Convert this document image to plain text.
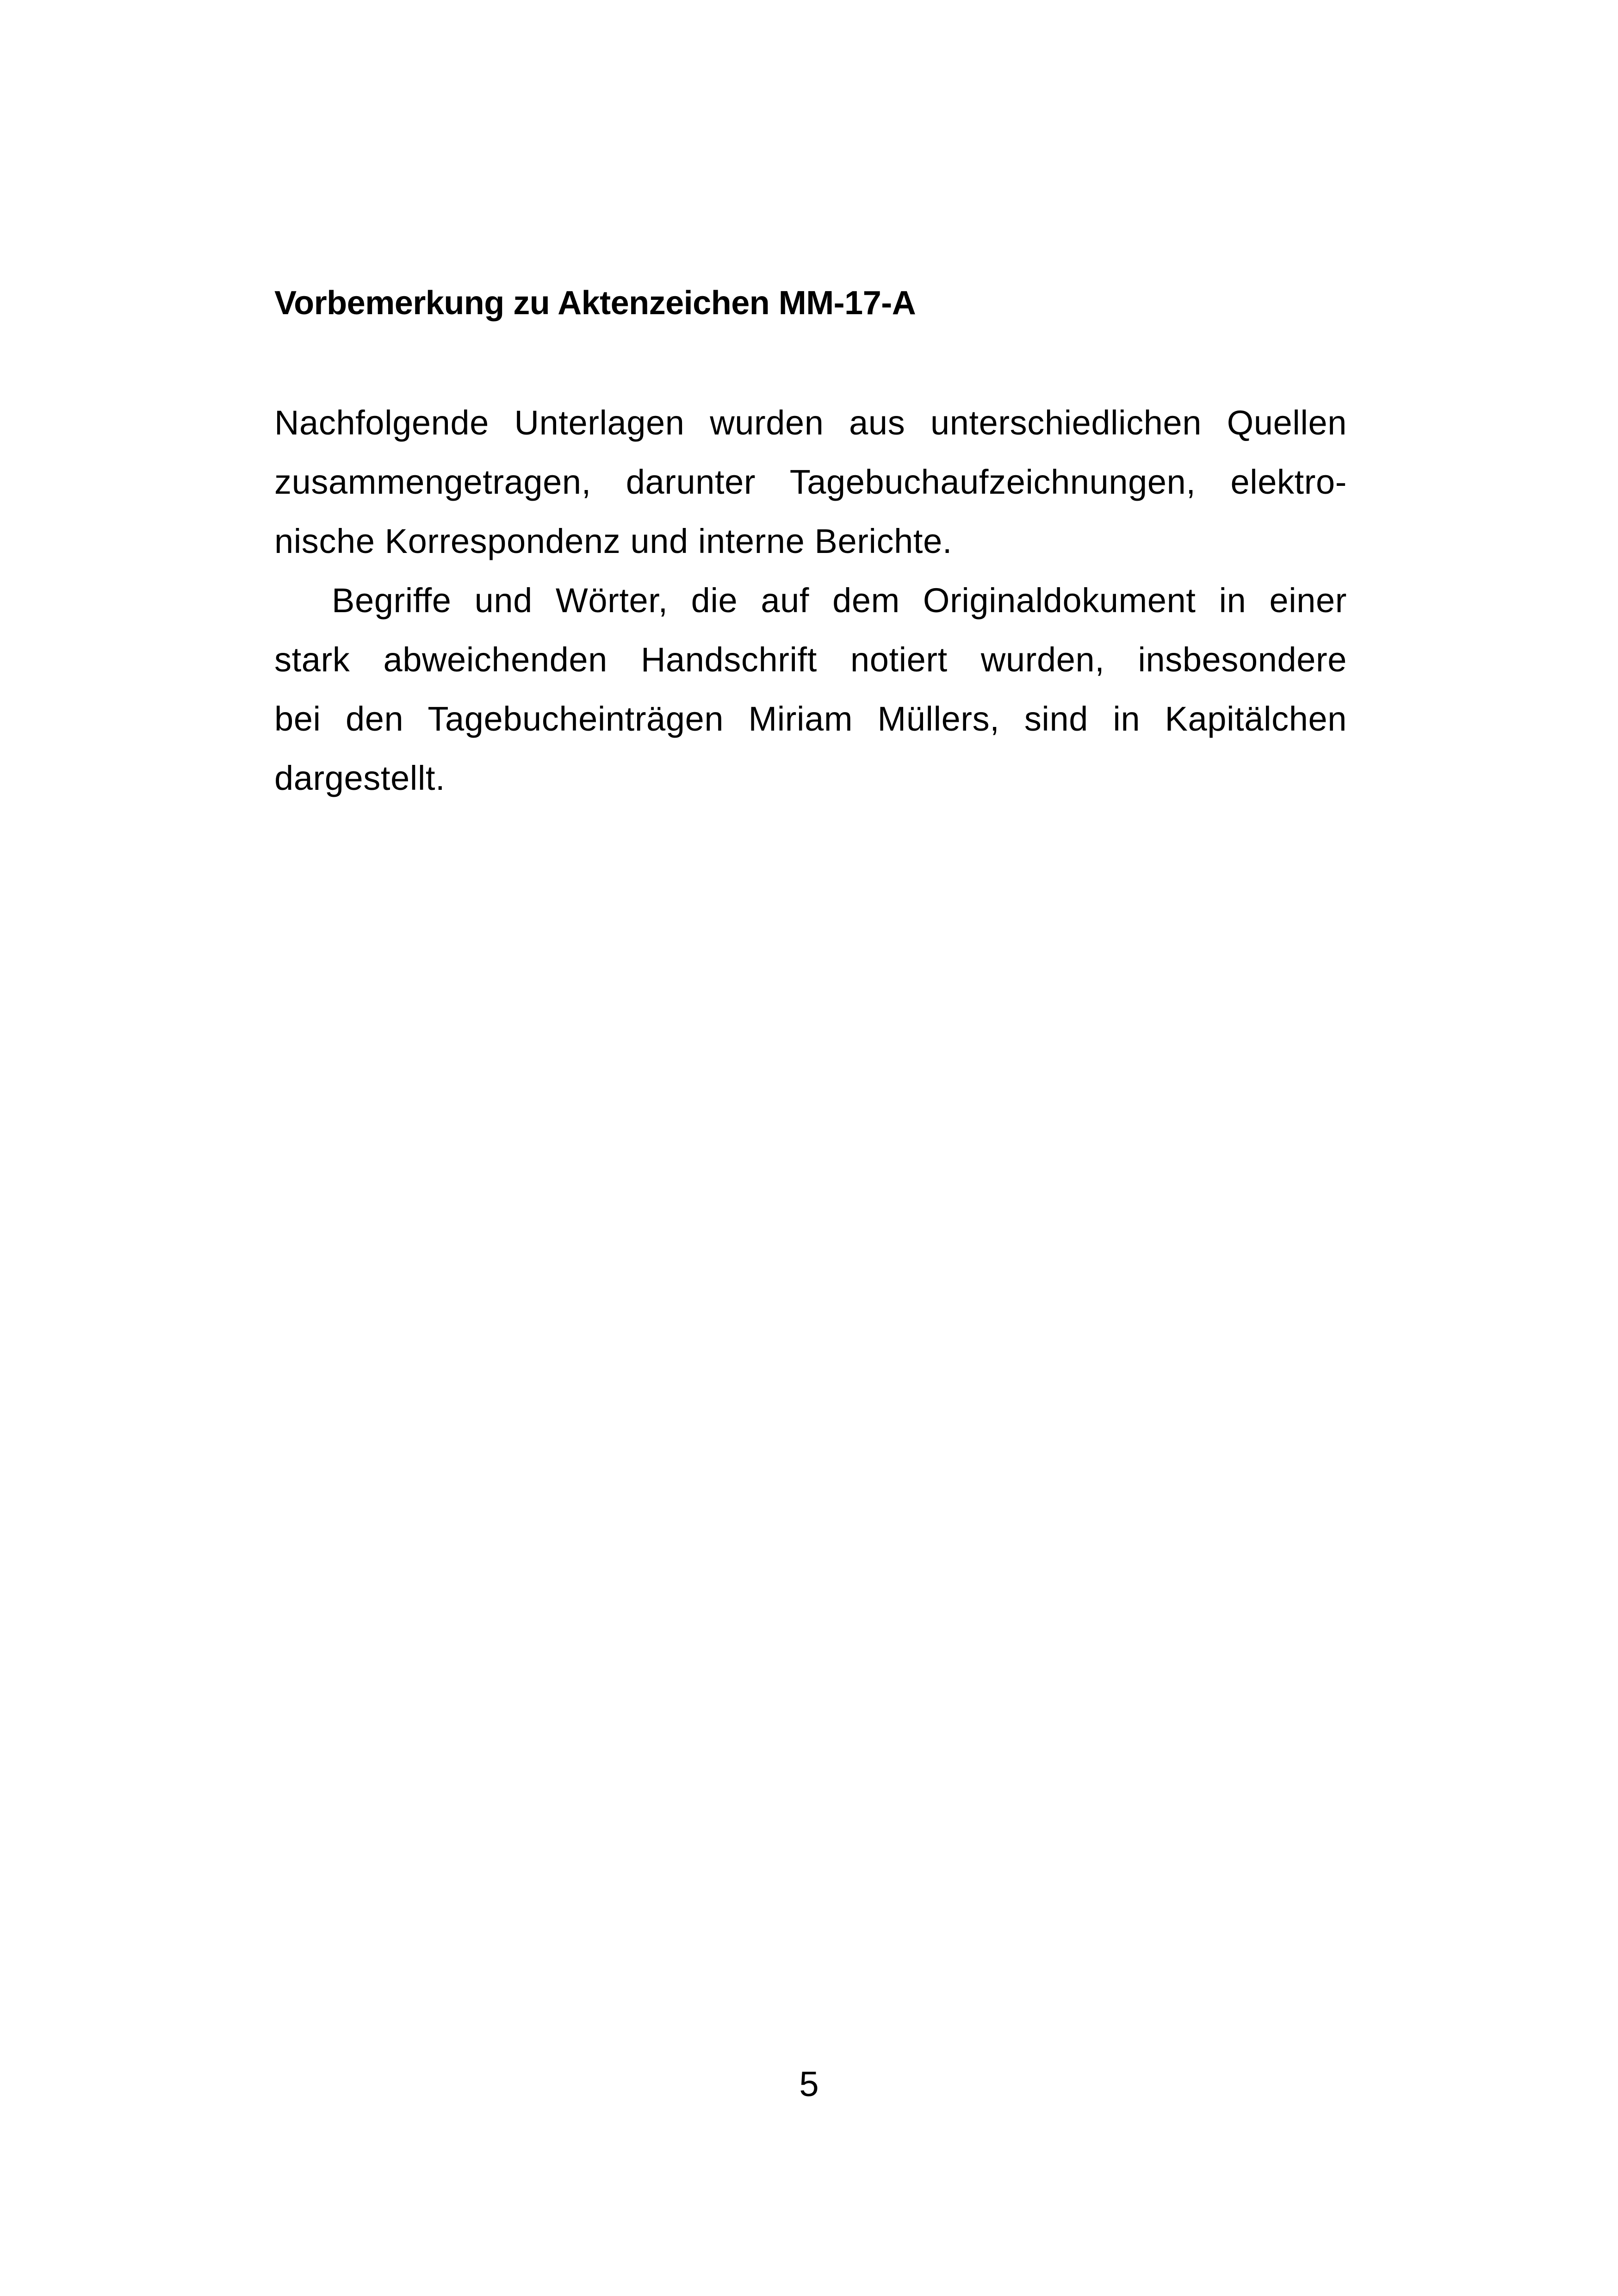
Vorbemerkung zu Aktenzeichen MM-17-A

Nachfolgende Unterlagen wurden aus unterschiedlichen Quellen
zusammengetragen, darunter Tagebuchaufzeichnungen, elektro-
nische Korrespondenz und interne Berichte.

Begriffe und Wörter, die auf dem Originaldokument in einer
stark abweichenden Handschrift notiert wurden, insbesondere
bei den Tagebucheinträgen Miriam Müllers, sind in Kapitälchen
dargestellt.

5
